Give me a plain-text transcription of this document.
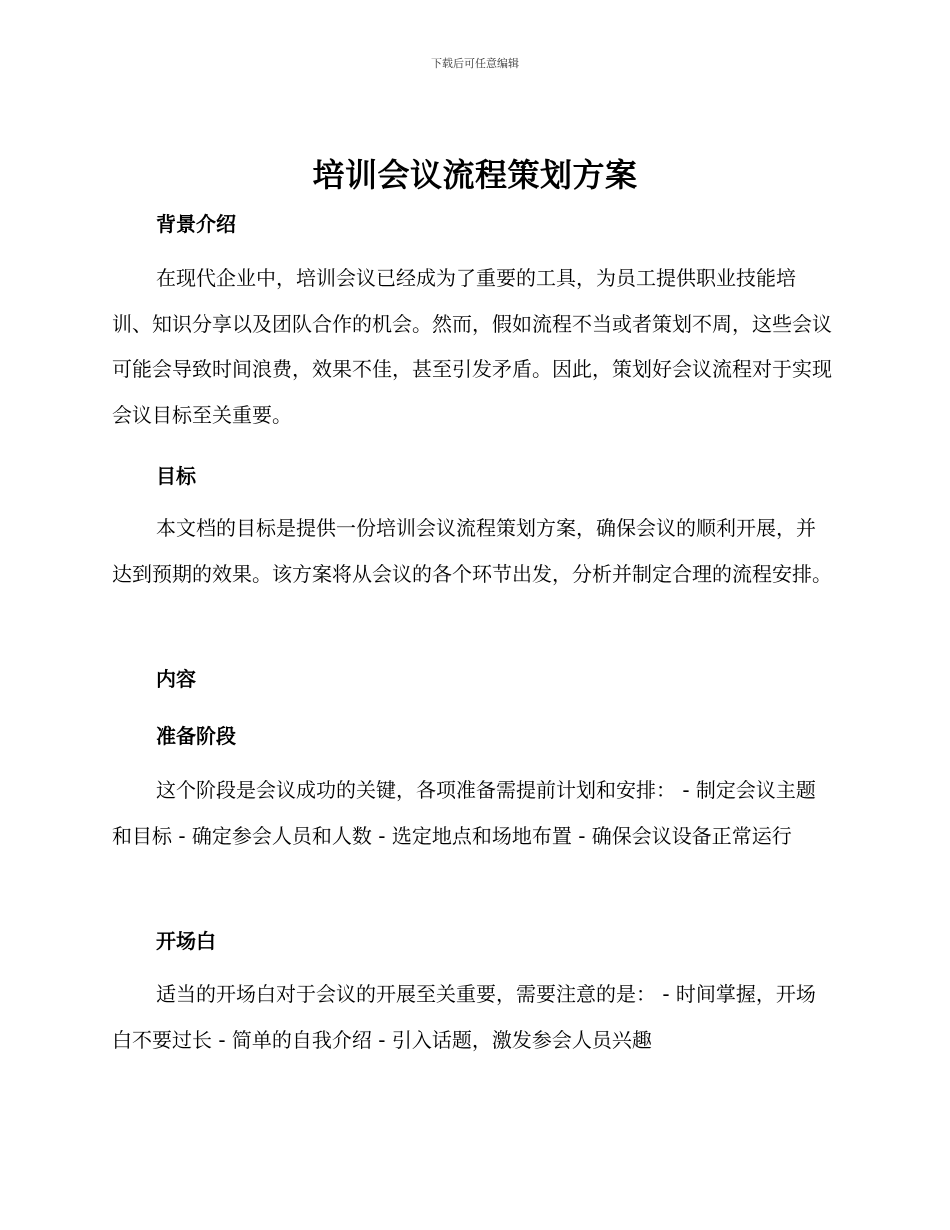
下载后可任意编辑
培训会议流程策划方案
背景介绍
在现代企业中，培训会议已经成为了重要的工具，为员工提供职业技能培训、知识分享以及团队合作的机会。然而，假如流程不当或者策划不周，这些会议可能会导致时间浪费，效果不佳，甚至引发矛盾。因此，策划好会议流程对于实现会议目标至关重要。
目标
本文档的目标是提供一份培训会议流程策划方案，确保会议的顺利开展，并达到预期的效果。该方案将从会议的各个环节出发，分析并制定合理的流程安排。
内容
准备阶段
这个阶段是会议成功的关键，各项准备需提前计划和安排： - 制定会议主题和目标 - 确定参会人员和人数 - 选定地点和场地布置 - 确保会议设备正常运行
开场白
适当的开场白对于会议的开展至关重要，需要注意的是： - 时间掌握，开场白不要过长 - 简单的自我介绍 - 引入话题，激发参会人员兴趣
